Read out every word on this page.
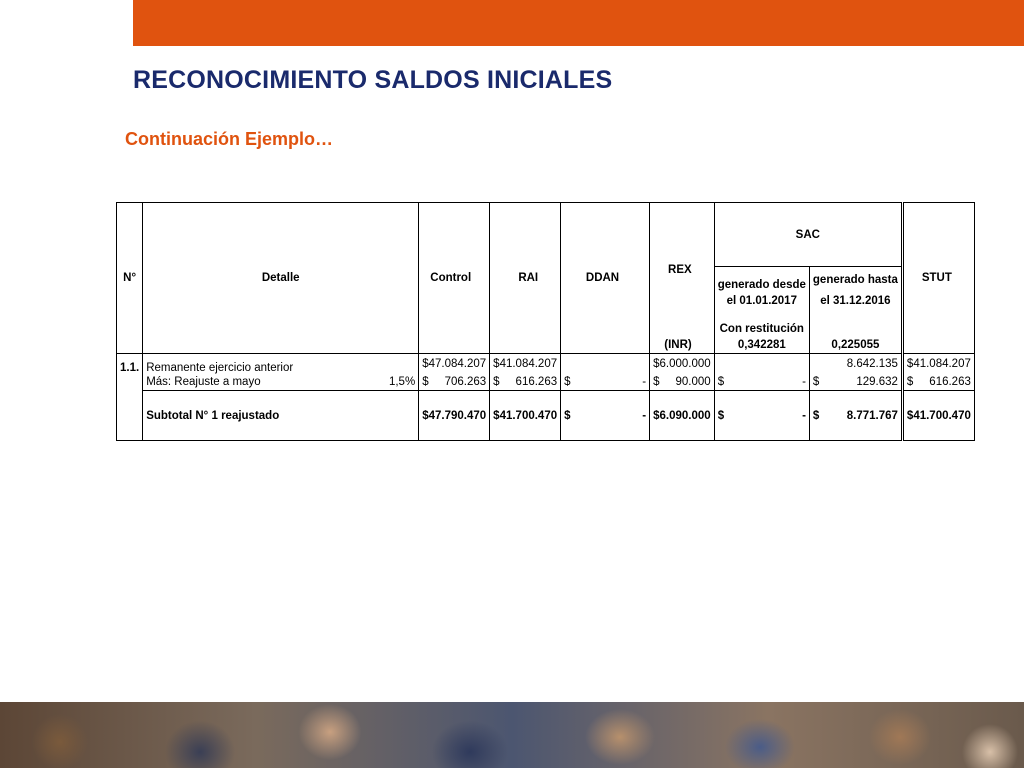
RECONOCIMIENTO SALDOS INICIALES
Continuación Ejemplo…
N°	Detalle	Control	RAI	DDAN	REX	SAC		STUT
						generado desde	generado hasta	
						el 01.01.2017	el 31.12.2016	
						Con restitución		
					(INR)	0,342281	0,225055	
1.1.	Remanente ejercicio anterior	$ 47.084.207	$ 41.084.207		$ 6.000.000		8.642.135	$ 41.084.207

	Más: Reajuste a mayo 1,5%	$ 706.263	$ 616.263	$ -	$ 90.000	$ -	$ 129.632	$ 616.263

	Subtotal N° 1 reajustado	$ 47.790.470	$ 41.700.470	$ -	$ 6.090.000	$ -	$ 8.771.767	$ 41.700.470
